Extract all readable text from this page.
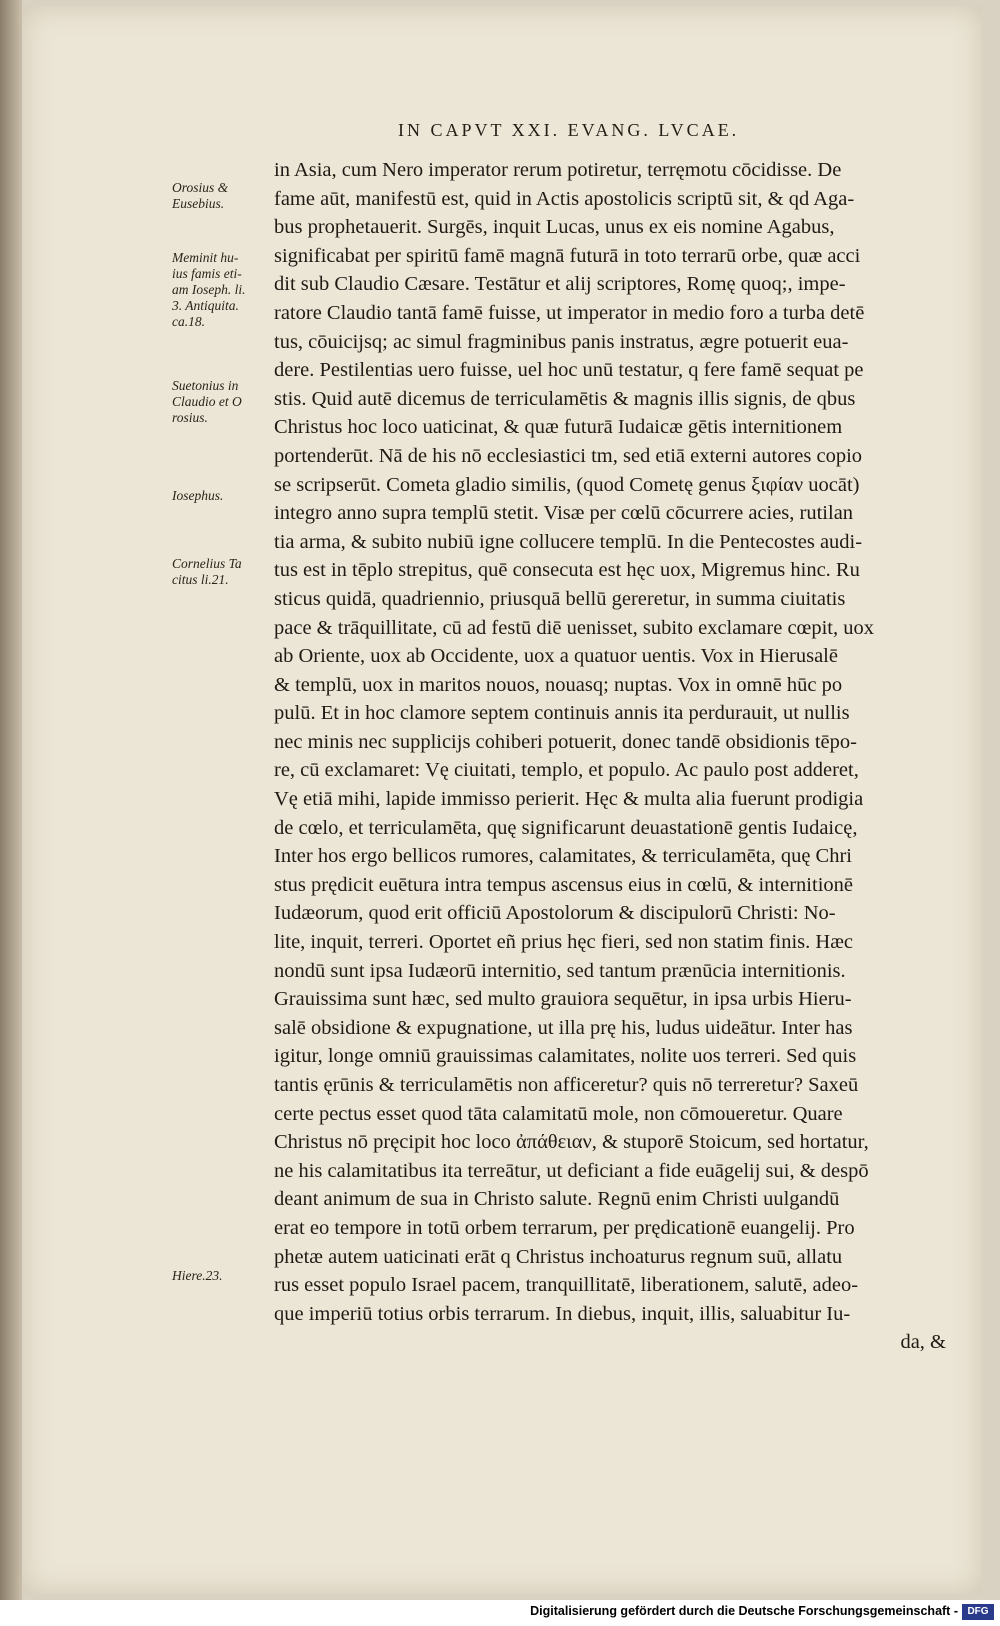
IN CAPVT XXI. EVANG. LVCAE.
in Asia, cum Nero imperator rerum potiretur, terręmotu cōcidisse. De
fame aūt, manifestū est, quid in Actis apostolicis scriptū sit, & qd Aga-
bus prophetauerit. Surgēs, inquit Lucas, unus ex eis nomine Agabus,
significabat per spiritū famē magnā futurā in toto terrarū orbe, quæ acci
dit sub Claudio Cæsare. Testātur et alij scriptores, Romę quoq;, impe-
ratore Claudio tantā famē fuisse, ut imperator in medio foro a turba detē
tus, cōuicijsq; ac simul fragminibus panis instratus, ægre potuerit eua-
dere. Pestilentias uero fuisse, uel hoc unū testatur, q fere famē sequat pe
stis. Quid autē dicemus de terriculamētis & magnis illis signis, de qbus
Christus hoc loco uaticinat, & quæ futurā Iudaicæ gētis internitionem
portenderūt. Nā de his nō ecclesiastici tm, sed etiā externi autores copio
se scripserūt. Cometa gladio similis, (quod Cometę genus ξιφίαν uocāt)
integro anno supra templū stetit. Visæ per cœlū cōcurrere acies, rutilan
tia arma, & subito nubiū igne collucere templū. In die Pentecostes audi-
tus est in tēplo strepitus, quē consecuta est hęc uox, Migremus hinc. Ru
sticus quidā, quadriennio, priusquā bellū gereretur, in summa ciuitatis
pace & trāquillitate, cū ad festū diē uenisset, subito exclamare cœpit, uox
ab Oriente, uox ab Occidente, uox a quatuor uentis. Vox in Hierusalē
& templū, uox in maritos nouos, nouasq; nuptas. Vox in omnē hūc po
pulū. Et in hoc clamore septem continuis annis ita perdurauit, ut nullis
nec minis nec supplicijs cohiberi potuerit, donec tandē obsidionis tēpo-
re, cū exclamaret: Vę ciuitati, templo, et populo. Ac paulo post adderet,
Vę etiā mihi, lapide immisso perierit. Hęc & multa alia fuerunt prodigia
de cœlo, et terriculamēta, quę significarunt deuastationē gentis Iudaicę,
Inter hos ergo bellicos rumores, calamitates, & terriculamēta, quę Chri
stus prędicit euētura intra tempus ascensus eius in cœlū, & internitionē
Iudæorum, quod erit officiū Apostolorum & discipulorū Christi: No-
lite, inquit, terreri. Oportet eñ prius hęc fieri, sed non statim finis. Hæc
nondū sunt ipsa Iudæorū internitio, sed tantum prænūcia internitionis.
Grauissima sunt hæc, sed multo grauiora sequētur, in ipsa urbis Hieru-
salē obsidione & expugnatione, ut illa prę his, ludus uideātur. Inter has
igitur, longe omniū grauissimas calamitates, nolite uos terreri. Sed quis
tantis ęrūnis & terriculamētis non afficeretur? quis nō terreretur? Saxeū
certe pectus esset quod tāta calamitatū mole, non cōmoueretur. Quare
Christus nō pręcipit hoc loco ἀπάθειαν, & stuporē Stoicum, sed hortatur,
ne his calamitatibus ita terreātur, ut deficiant a fide euāgelij sui, & despō
deant animum de sua in Christo salute. Regnū enim Christi uulgandū
erat eo tempore in totū orbem terrarum, per prędicationē euangelij. Pro
phetæ autem uaticinati erāt q Christus inchoaturus regnum suū, allatu
rus esset populo Israel pacem, tranquillitatē, liberationem, salutē, adeo-
que imperiū totius orbis terrarum. In diebus, inquit, illis, saluabitur Iu-
da, &
Orosius &
Eusebius.
Meminit hu-
ius famis eti-
am Ioseph. li.
3. Antiquita.
ca.18.
Suetonius in
Claudio et O
rosius.
Iosephus.
Cornelius Ta
citus li.21.
Hiere.23.
Digitalisierung gefördert durch die Deutsche Forschungsgemeinschaft - DFG
